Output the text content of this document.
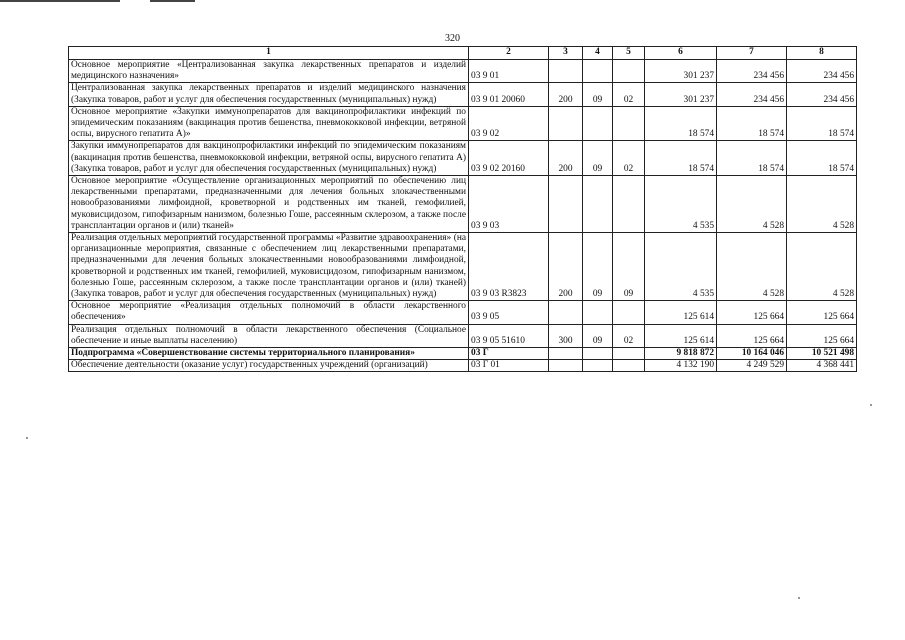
320
1	2	3	4	5	6	7	8
Основное мероприятие «Централизованная закупка лекарственных препаратов и изделий медицинского назначения»	03 9 01				301 237	234 456	234 456
Централизованная закупка лекарственных препаратов и изделий медицинского назначения (Закупка товаров, работ и услуг для обеспечения государственных (муниципальных) нужд)	03 9 01 20060	200	09	02	301 237	234 456	234 456
Основное мероприятие «Закупки иммунопрепаратов для вакцинопрофилактики инфекций по эпидемическим показаниям (вакцинация против бешенства, пневмококковой инфекции, ветряной оспы, вирусного гепатита А)»	03 9 02				18 574	18 574	18 574
Закупки иммунопрепаратов для вакцинопрофилактики инфекций по эпидемическим показаниям (вакцинация против бешенства, пневмококковой инфекции, ветряной оспы, вирусного гепатита А) (Закупка товаров, работ и услуг для обеспечения государственных (муниципальных) нужд)	03 9 02 20160	200	09	02	18 574	18 574	18 574
Основное мероприятие «Осуществление организационных мероприятий по обеспечению лиц лекарственными препаратами, предназначенными для лечения больных злокачественными новообразованиями лимфоидной, кроветворной и родственных им тканей, гемофилией, муковисцидозом, гипофизарным нанизмом, болезнью Гоше, рассеянным склерозом, а также после трансплантации органов и (или) тканей»	03 9 03				4 535	4 528	4 528
Реализация отдельных мероприятий государственной программы «Развитие здравоохранения» (на организационные мероприятия, связанные с обеспечением лиц лекарственными препаратами, предназначенными для лечения больных злокачественными новообразованиями лимфоидной, кроветворной и родственных им тканей, гемофилией, муковисцидозом, гипофизарным нанизмом, болезнью Гоше, рассеянным склерозом, а также после трансплантации органов и (или) тканей) (Закупка товаров, работ и услуг для обеспечения государственных (муниципальных) нужд)	03 9 03 R3823	200	09	09	4 535	4 528	4 528
Основное мероприятие «Реализация отдельных полномочий в области лекарственного обеспечения»	03 9 05				125 614	125 664	125 664
Реализация отдельных полномочий в области лекарственного обеспечения (Социальное обеспечение и иные выплаты населению)	03 9 05 51610	300	09	02	125 614	125 664	125 664
Подпрограмма «Совершенствование системы территориального планирования»	03 Г				9 818 872	10 164 046	10 521 498
Обеспечение деятельности (оказание услуг) государственных учреждений (организаций)	03 Г 01				4 132 190	4 249 529	4 368 441
